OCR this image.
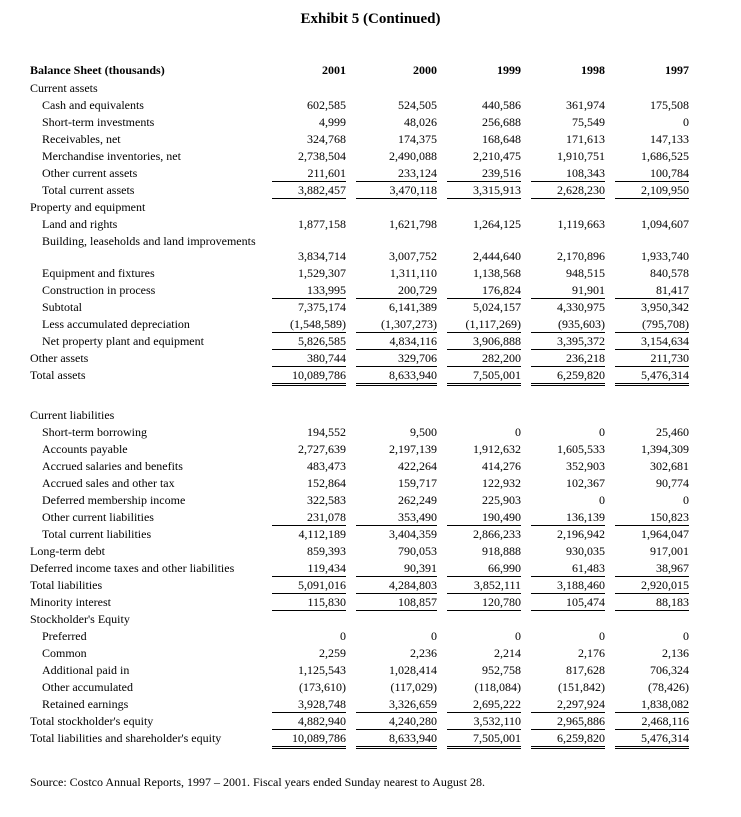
Exhibit 5 (Continued)
Balance Sheet (thousands)	2001	2000	1999	1998	1997
Current assets
Cash and equivalents	602,585	524,505	440,586	361,974	175,508
Short-term investments	4,999	48,026	256,688	75,549	0
Receivables, net	324,768	174,375	168,648	171,613	147,133
Merchandise inventories, net	2,738,504	2,490,088	2,210,475	1,910,751	1,686,525
Other current assets	211,601	233,124	239,516	108,343	100,784
Total current assets	3,882,457	3,470,118	3,315,913	2,628,230	2,109,950
Property and equipment
Land and rights	1,877,158	1,621,798	1,264,125	1,119,663	1,094,607
Building, leaseholds and land improvements
3,834,714	3,007,752	2,444,640	2,170,896	1,933,740
Equipment and fixtures	1,529,307	1,311,110	1,138,568	948,515	840,578
Construction in process	133,995	200,729	176,824	91,901	81,417
Subtotal	7,375,174	6,141,389	5,024,157	4,330,975	3,950,342
Less accumulated depreciation	(1,548,589)	(1,307,273)	(1,117,269)	(935,603)	(795,708)
Net property plant and equipment	5,826,585	4,834,116	3,906,888	3,395,372	3,154,634
Other assets	380,744	329,706	282,200	236,218	211,730
Total assets	10,089,786	8,633,940	7,505,001	6,259,820	5,476,314
Current liabilities
Short-term borrowing	194,552	9,500	0	0	25,460
Accounts payable	2,727,639	2,197,139	1,912,632	1,605,533	1,394,309
Accrued salaries and benefits	483,473	422,264	414,276	352,903	302,681
Accrued sales and other tax	152,864	159,717	122,932	102,367	90,774
Deferred membership income	322,583	262,249	225,903	0	0
Other current liabilities	231,078	353,490	190,490	136,139	150,823
Total current liabilities	4,112,189	3,404,359	2,866,233	2,196,942	1,964,047
Long-term debt	859,393	790,053	918,888	930,035	917,001
Deferred income taxes and other liabilities	119,434	90,391	66,990	61,483	38,967
Total liabilities	5,091,016	4,284,803	3,852,111	3,188,460	2,920,015
Minority interest	115,830	108,857	120,780	105,474	88,183
Stockholder's Equity
Preferred	0	0	0	0	0
Common	2,259	2,236	2,214	2,176	2,136
Additional paid in	1,125,543	1,028,414	952,758	817,628	706,324
Other accumulated	(173,610)	(117,029)	(118,084)	(151,842)	(78,426)
Retained earnings	3,928,748	3,326,659	2,695,222	2,297,924	1,838,082
Total stockholder's equity	4,882,940	4,240,280	3,532,110	2,965,886	2,468,116
Total liabilities and shareholder's equity	10,089,786	8,633,940	7,505,001	6,259,820	5,476,314
Source: Costco Annual Reports, 1997 – 2001. Fiscal years ended Sunday nearest to August 28.
